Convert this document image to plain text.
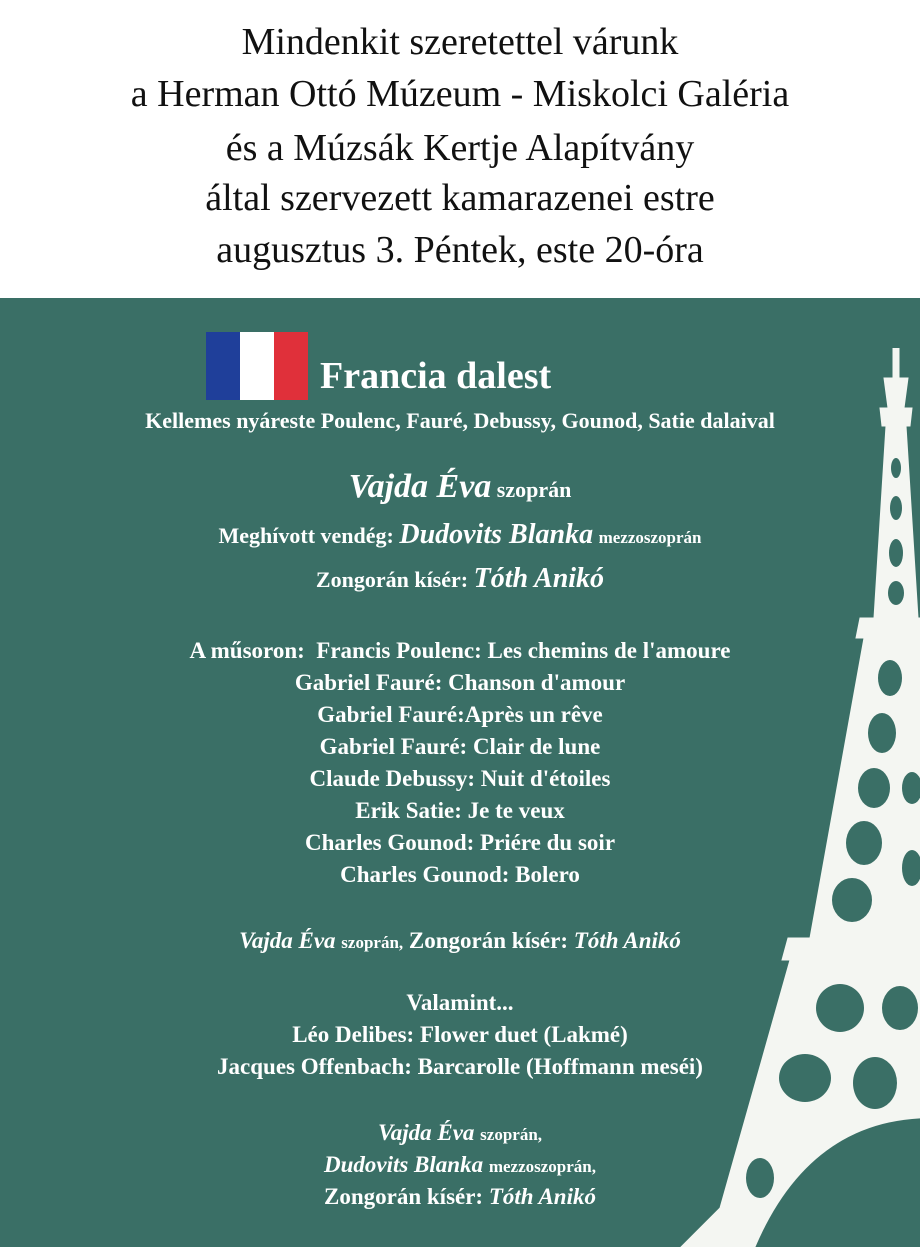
Mindenkit szeretettel várunk
a Herman Ottó Múzeum - Miskolci Galéria
és a Múzsák Kertje Alapítvány
által szervezett kamarazenei estre
augusztus 3. Péntek, este 20-óra
Francia dalest
Kellemes nyáreste Poulenc, Fauré, Debussy, Gounod, Satie dalaival
Vajda Éva szoprán
Meghívott vendég: Dudovits Blanka mezzoszoprán
Zongorán kísér: Tóth Anikó
A műsoron: Francis Poulenc: Les chemins de l'amoure
Gabriel Fauré: Chanson d'amour
Gabriel Fauré:Après un rêve
Gabriel Fauré: Clair de lune
Claude Debussy: Nuit d'étoiles
Erik Satie: Je te veux
Charles Gounod: Priére du soir
Charles Gounod: Bolero
Vajda Éva szoprán, Zongorán kísér: Tóth Anikó
Valamint...
Léo Delibes: Flower duet (Lakmé)
Jacques Offenbach: Barcarolle (Hoffmann meséi)
Vajda Éva szoprán,
Dudovits Blanka mezzoszoprán,
Zongorán kísér: Tóth Anikó
